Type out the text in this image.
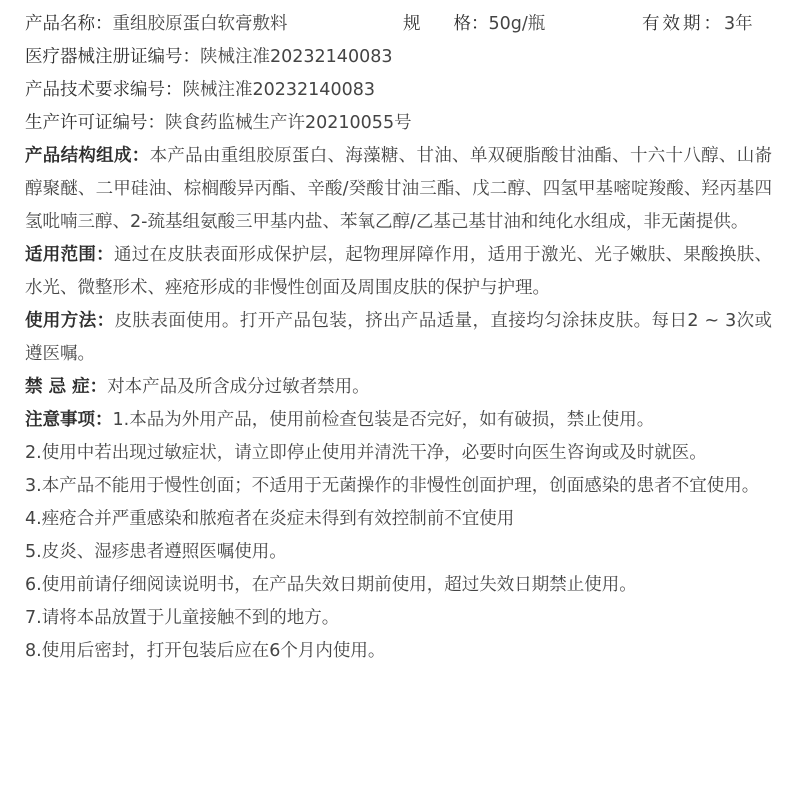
产品名称：重组胶原蛋白软膏敷料	规格：50g/瓶	有效期：3年
医疗器械注册证编号：陕械注准20232140083
产品技术要求编号：陕械注准20232140083
生产许可证编号：陕食药监械生产许20210055号
产品结构组成：本产品由重组胶原蛋白、海藻糖、甘油、单双硬脂酸甘油酯、十六十八醇、山嵛醇聚醚、二甲硅油、棕榈酸异丙酯、辛酸/癸酸甘油三酯、戊二醇、四氢甲基嘧啶羧酸、羟丙基四氢吡喃三醇、2-巯基组氨酸三甲基内盐、苯氧乙醇/乙基己基甘油和纯化水组成，非无菌提供。
适用范围：通过在皮肤表面形成保护层，起物理屏障作用，适用于激光、光子嫩肤、果酸换肤、水光、微整形术、痤疮形成的非慢性创面及周围皮肤的保护与护理。
使用方法：皮肤表面使用。打开产品包装，挤出产品适量，直接均匀涂抹皮肤。每日2 ~ 3次或遵医嘱。
禁 忌 症：对本产品及所含成分过敏者禁用。
注意事项：1.本品为外用产品，使用前检查包装是否完好，如有破损，禁止使用。
2.使用中若出现过敏症状，请立即停止使用并清洗干净，必要时向医生咨询或及时就医。
3.本产品不能用于慢性创面；不适用于无菌操作的非慢性创面护理，创面感染的患者不宜使用。
4.痤疮合并严重感染和脓疱者在炎症未得到有效控制前不宜使用
5.皮炎、湿疹患者遵照医嘱使用。
6.使用前请仔细阅读说明书，在产品失效日期前使用，超过失效日期禁止使用。
7.请将本品放置于儿童接触不到的地方。
8.使用后密封，打开包装后应在6个月内使用。
